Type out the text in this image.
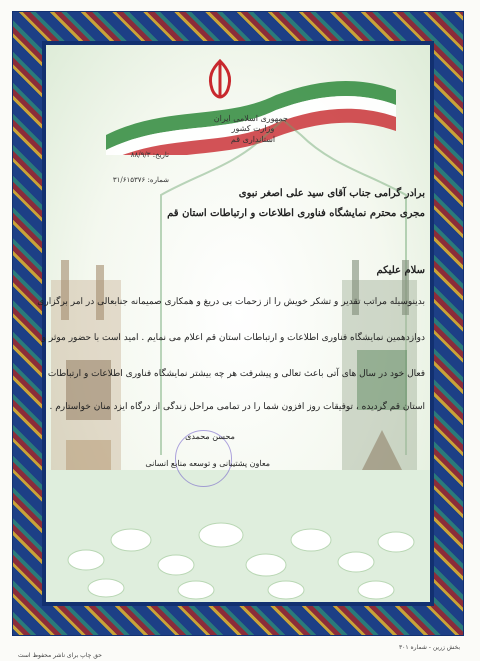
جمهوری اسلامی ایران
وزارت کشور
استانداری قم
تاریخ: ۸۸/۹/۳
شماره: ۳۱/۶۱۵۳۷۶
برادر گرامی جناب آقای سید علی اصغر نبوی
مجری محترم نمایشگاه فناوری اطلاعات و ارتباطات استان قم
سلام علیکم
بدینوسیله مراتب تقدیر و تشکر خویش را از زحمات بی دریغ و همکاری صمیمانه جنابعالی در امر برگزاری
دوازدهمین نمایشگاه فناوری اطلاعات و ارتباطات استان قم اعلام می نمایم . امید است با حضور موثر و
فعال خود در سال های آتی باعث تعالی و پیشرفت هر چه بیشتر نمایشگاه فناوری اطلاعات و ارتباطات
استان قم گردیده ، توفیقات روز افزون شما را در تمامی مراحل زندگی از درگاه ایزد منان خواستارم .
محسن محمدی
معاون پشتیبانی و توسعه منابع انسانی
بخش زرین - شماره ۳۰۱
حق چاپ برای ناشر محفوظ است
